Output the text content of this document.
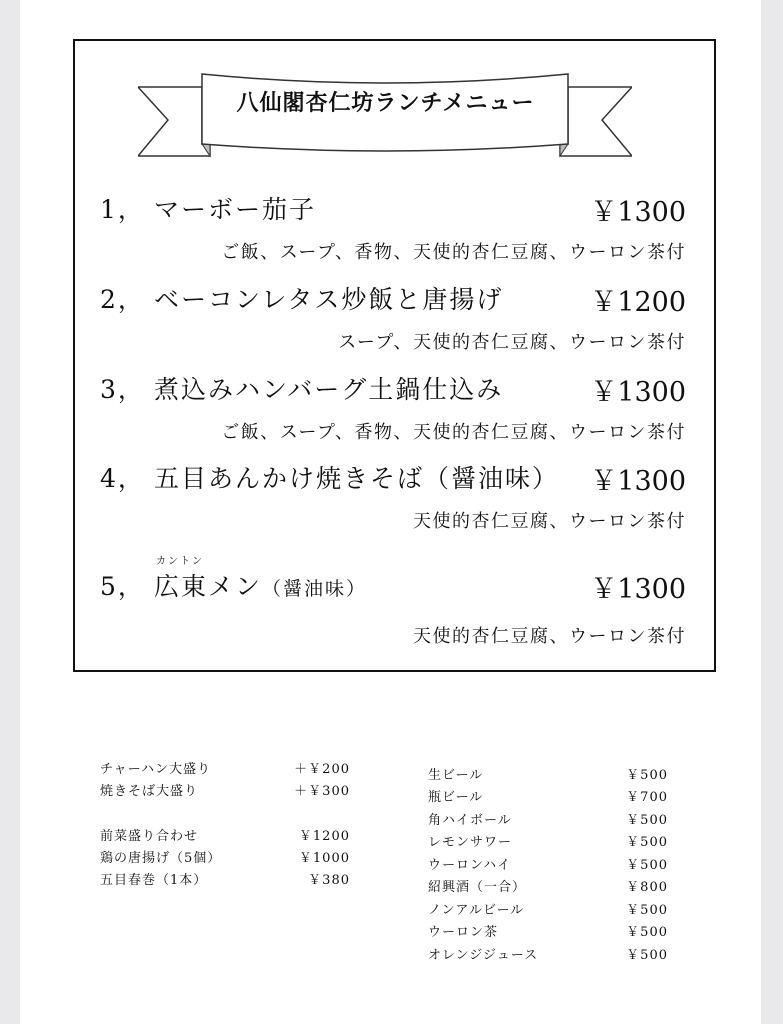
八仙閣杏仁坊ランチメニュー
1， マーボー茄子	￥1300
ご飯、スープ、香物、天使的杏仁豆腐、ウーロン茶付
2， ベーコンレタス炒飯と唐揚げ	￥1200
スープ、天使的杏仁豆腐、ウーロン茶付
3， 煮込みハンバーグ土鍋仕込み	￥1300
ご飯、スープ、香物、天使的杏仁豆腐、ウーロン茶付
4， 五目あんかけ焼きそば（醤油味） ￥1300
天使的杏仁豆腐、ウーロン茶付
カントン
5， 広東メン（醤油味）	￥1300
天使的杏仁豆腐、ウーロン茶付
チャーハン大盛り	＋￥200
焼きそば大盛り	＋￥300
前菜盛り合わせ	￥1200
鶏の唐揚げ（5個）	￥1000
五目春巻（1本）	￥380
生ビール	￥500
瓶ビール	￥700
角ハイボール	￥500
レモンサワー	￥500
ウーロンハイ	￥500
紹興酒（一合）	￥800
ノンアルビール	￥500
ウーロン茶	￥500
オレンジジュース	￥500
